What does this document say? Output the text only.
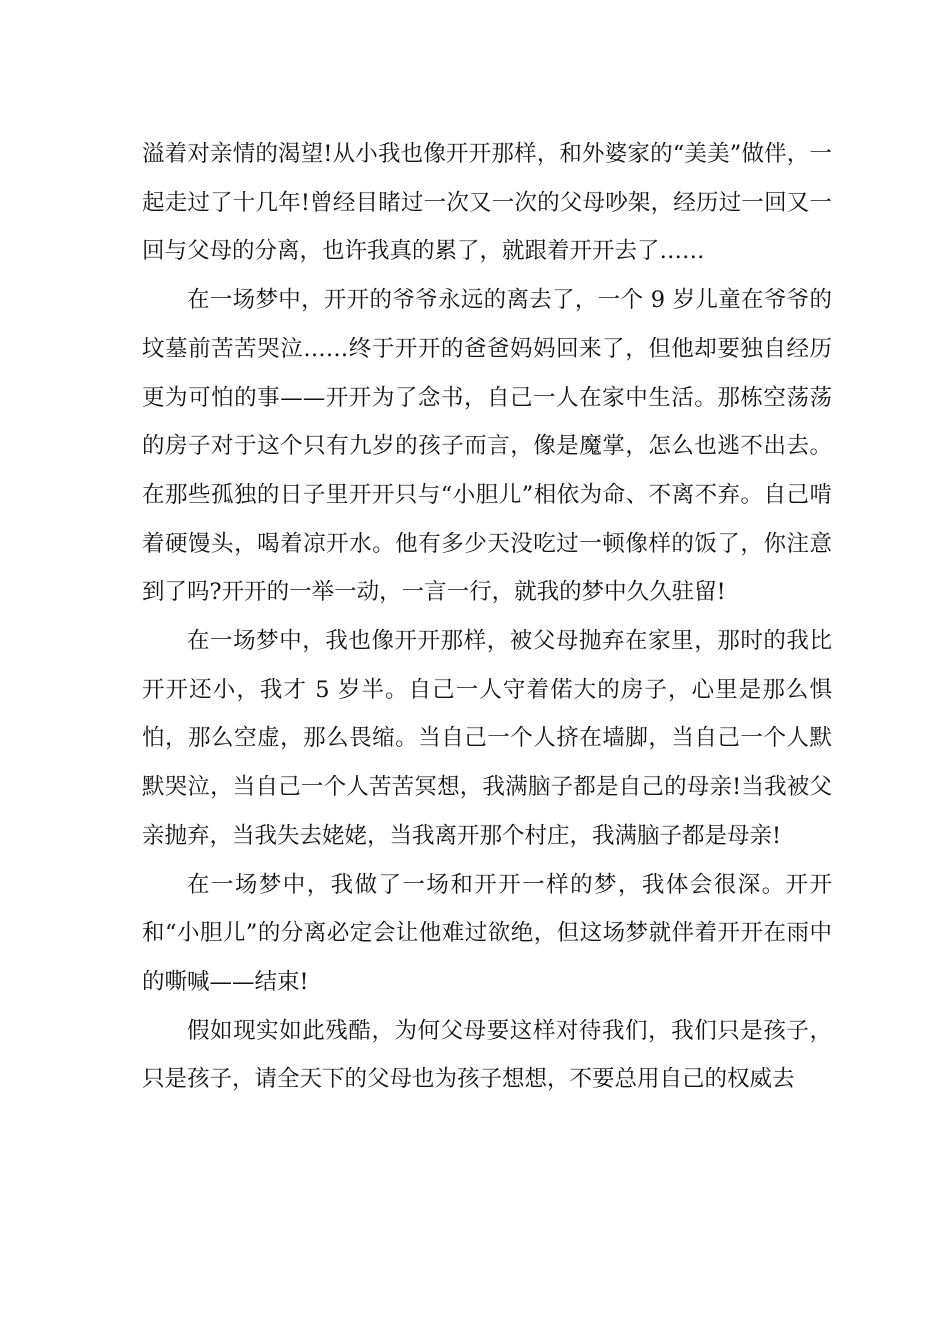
溢着对亲情的渴望!从小我也像开开那样，和外婆家的“美美”做伴，一起走过了十几年!曾经目睹过一次又一次的父母吵架，经历过一回又一回与父母的分离，也许我真的累了，就跟着开开去了……

在一场梦中，开开的爷爷永远的离去了，一个 9 岁儿童在爷爷的坟墓前苦苦哭泣……终于开开的爸爸妈妈回来了，但他却要独自经历更为可怕的事——开开为了念书，自己一人在家中生活。那栋空荡荡的房子对于这个只有九岁的孩子而言，像是魔掌，怎么也逃不出去。在那些孤独的日子里开开只与“小胆儿”相依为命、不离不弃。自己啃着硬馒头，喝着凉开水。他有多少天没吃过一顿像样的饭了，你注意到了吗?开开的一举一动，一言一行，就我的梦中久久驻留!

在一场梦中，我也像开开那样，被父母抛弃在家里，那时的我比开开还小，我才 5 岁半。自己一人守着偌大的房子，心里是那么惧怕，那么空虚，那么畏缩。当自己一个人挤在墙脚，当自己一个人默默哭泣，当自己一个人苦苦冥想，我满脑子都是自己的母亲!当我被父亲抛弃，当我失去姥姥，当我离开那个村庄，我满脑子都是母亲!

在一场梦中，我做了一场和开开一样的梦，我体会很深。开开和“小胆儿”的分离必定会让他难过欲绝，但这场梦就伴着开开在雨中的嘶喊——结束!

假如现实如此残酷，为何父母要这样对待我们，我们只是孩子，只是孩子，请全天下的父母也为孩子想想，不要总用自己的权威去
